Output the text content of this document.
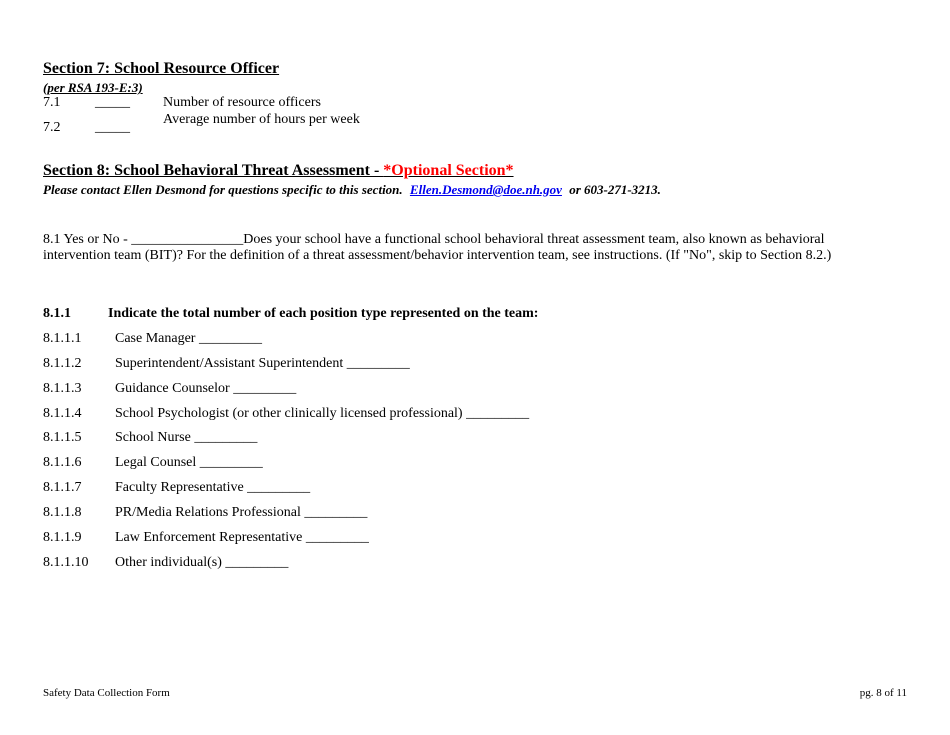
Section 7: School Resource Officer
(per RSA 193-E:3)
7.1 _____ Number of resource officers
7.2 _____
Average number of hours per week
Section 8: School Behavioral Threat Assessment - *Optional Section*
Please contact Ellen Desmond for questions specific to this section. Ellen.Desmond@doe.nh.gov or 603-271-3213.
8.1 Yes or No - ________________Does your school have a functional school behavioral threat assessment team, also known as behavioral
intervention team (BIT)? For the definition of a threat assessment/behavior intervention team, see instructions. (If "No", skip to Section 8.2.)
8.1.1	Indicate the total number of each position type represented on the team:
8.1.1.1 Case Manager _________
8.1.1.2 Superintendent/Assistant Superintendent _________
8.1.1.3 Guidance Counselor _________
8.1.1.4 School Psychologist (or other clinically licensed professional) _________
8.1.1.5 School Nurse _________
8.1.1.6 Legal Counsel _________
8.1.1.7 Faculty Representative _________
8.1.1.8 PR/Media Relations Professional _________
8.1.1.9 Law Enforcement Representative _________
8.1.1.10 Other individual(s) _________
Safety Data Collection Form	pg. 8 of 11
